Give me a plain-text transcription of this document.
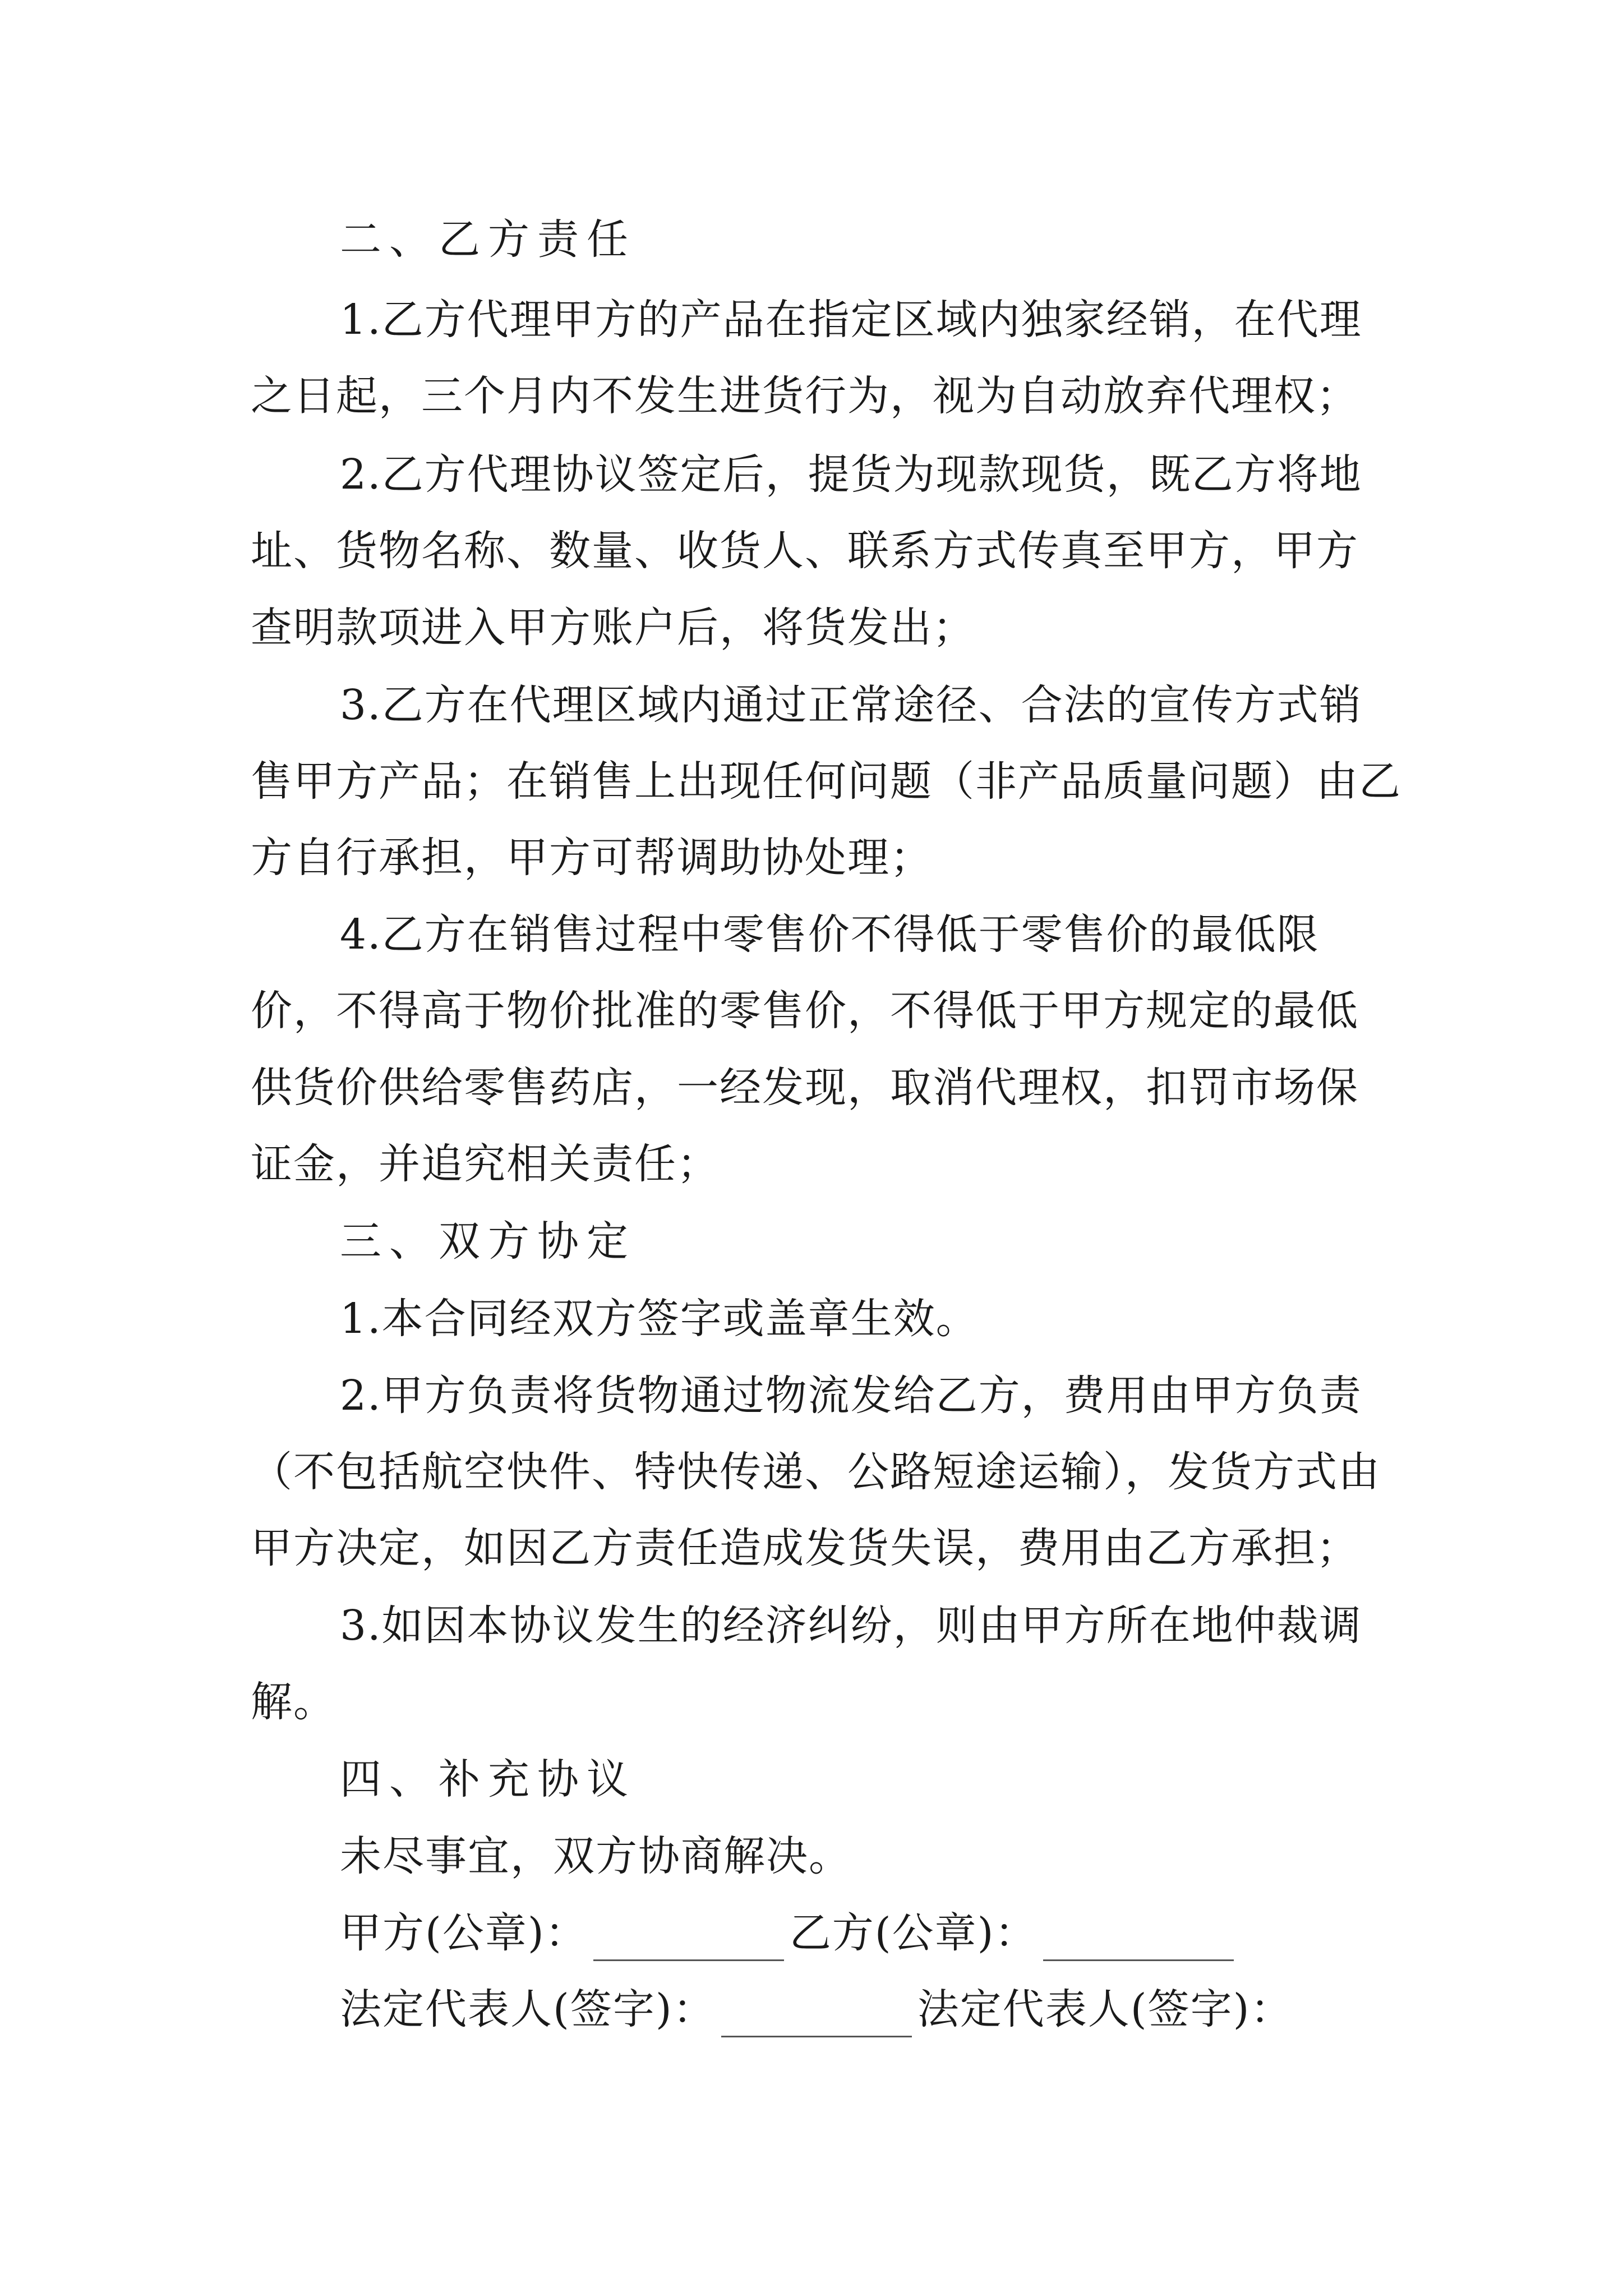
二、乙方责任
1.乙方代理甲方的产品在指定区域内独家经销，在代理
之日起，三个月内不发生进货行为，视为自动放弃代理权；
2.乙方代理协议签定后，提货为现款现货，既乙方将地
址、货物名称、数量、收货人、联系方式传真至甲方，甲方
查明款项进入甲方账户后，将货发出；
3.乙方在代理区域内通过正常途径、合法的宣传方式销
售甲方产品；在销售上出现任何问题（非产品质量问题）由乙
方自行承担，甲方可帮调助协处理；
4.乙方在销售过程中零售价不得低于零售价的最低限
价，不得高于物价批准的零售价，不得低于甲方规定的最低
供货价供给零售药店，一经发现，取消代理权，扣罚市场保
证金，并追究相关责任；
三、双方协定
1.本合同经双方签字或盖章生效。
2.甲方负责将货物通过物流发给乙方，费用由甲方负责
（不包括航空快件、特快传递、公路短途运输），发货方式由
甲方决定，如因乙方责任造成发货失误，费用由乙方承担；
3.如因本协议发生的经济纠纷，则由甲方所在地仲裁调
解。
四、补充协议
未尽事宜，双方协商解决。
甲方(公章)：	乙方(公章)：
法定代表人(签字)：	法定代表人(签字)：
